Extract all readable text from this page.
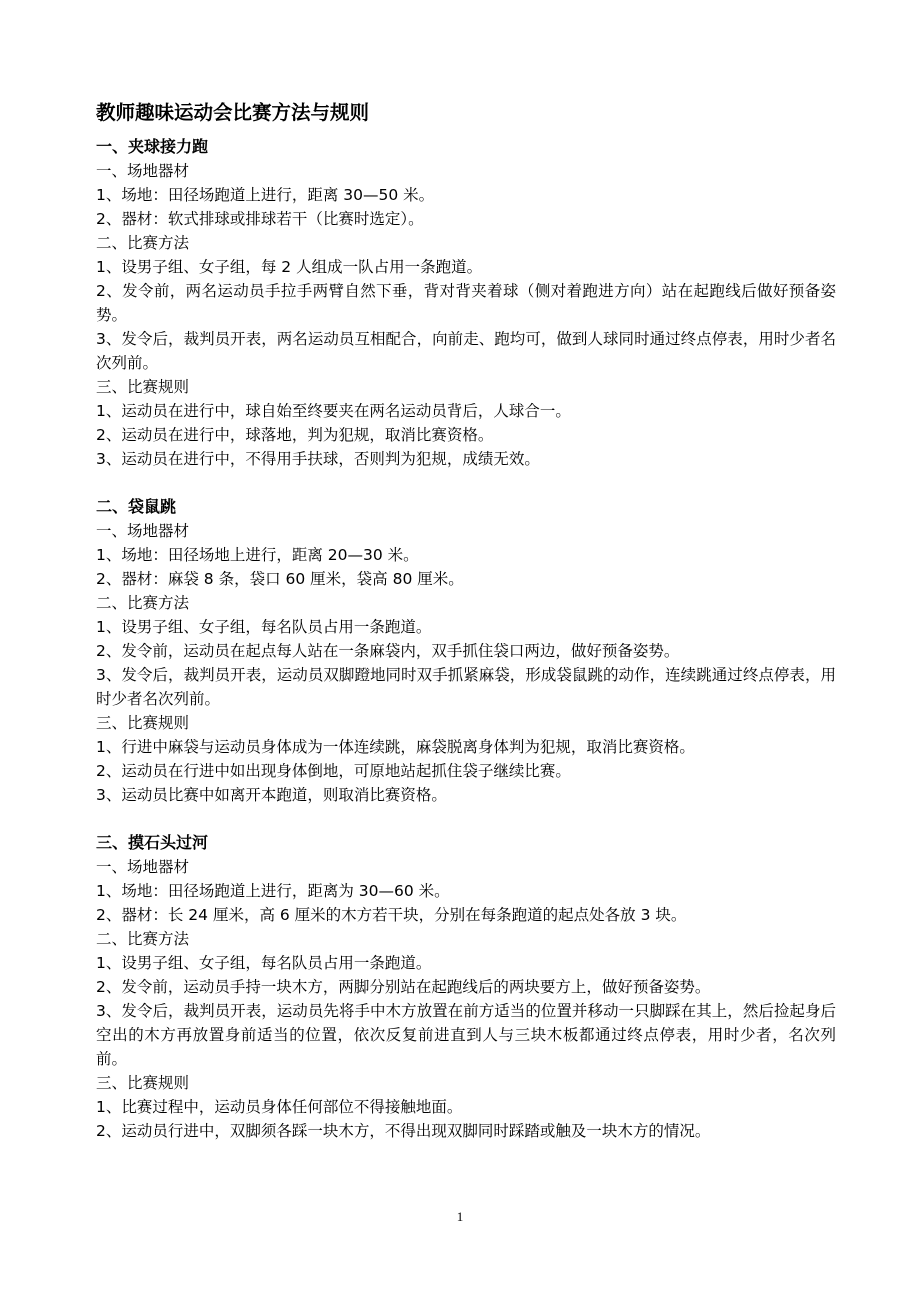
教师趣味运动会比赛方法与规则
一、夹球接力跑
一、场地器材
1、场地：田径场跑道上进行，距离 30—50 米。
2、器材：软式排球或排球若干（比赛时选定）。
二、比赛方法
1、设男子组、女子组，每 2 人组成一队占用一条跑道。
2、发令前，两名运动员手拉手两臂自然下垂，背对背夹着球（侧对着跑进方向）站在起跑线后做好预备姿势。
3、发令后，裁判员开表，两名运动员互相配合，向前走、跑均可，做到人球同时通过终点停表，用时少者名次列前。
三、比赛规则
1、运动员在进行中，球自始至终要夹在两名运动员背后，人球合一。
2、运动员在进行中，球落地，判为犯规，取消比赛资格。
3、运动员在进行中，不得用手扶球，否则判为犯规，成绩无效。
二、袋鼠跳
一、场地器材
1、场地：田径场地上进行，距离 20—30 米。
2、器材：麻袋 8 条，袋口 60 厘米，袋高 80 厘米。
二、比赛方法
1、设男子组、女子组，每名队员占用一条跑道。
2、发令前，运动员在起点每人站在一条麻袋内，双手抓住袋口两边，做好预备姿势。
3、发令后，裁判员开表，运动员双脚蹬地同时双手抓紧麻袋，形成袋鼠跳的动作，连续跳通过终点停表，用时少者名次列前。
三、比赛规则
1、行进中麻袋与运动员身体成为一体连续跳，麻袋脱离身体判为犯规，取消比赛资格。
2、运动员在行进中如出现身体倒地，可原地站起抓住袋子继续比赛。
3、运动员比赛中如离开本跑道，则取消比赛资格。
三、摸石头过河
一、场地器材
1、场地：田径场跑道上进行，距离为 30—60 米。
2、器材：长 24 厘米，高 6 厘米的木方若干块，分别在每条跑道的起点处各放 3 块。
二、比赛方法
1、设男子组、女子组，每名队员占用一条跑道。
2、发令前，运动员手持一块木方，两脚分别站在起跑线后的两块要方上，做好预备姿势。
3、发令后，裁判员开表，运动员先将手中木方放置在前方适当的位置并移动一只脚踩在其上，然后捡起身后空出的木方再放置身前适当的位置，依次反复前进直到人与三块木板都通过终点停表，用时少者，名次列前。
三、比赛规则
1、比赛过程中，运动员身体任何部位不得接触地面。
2、运动员行进中，双脚须各踩一块木方，不得出现双脚同时踩踏或触及一块木方的情况。
1
